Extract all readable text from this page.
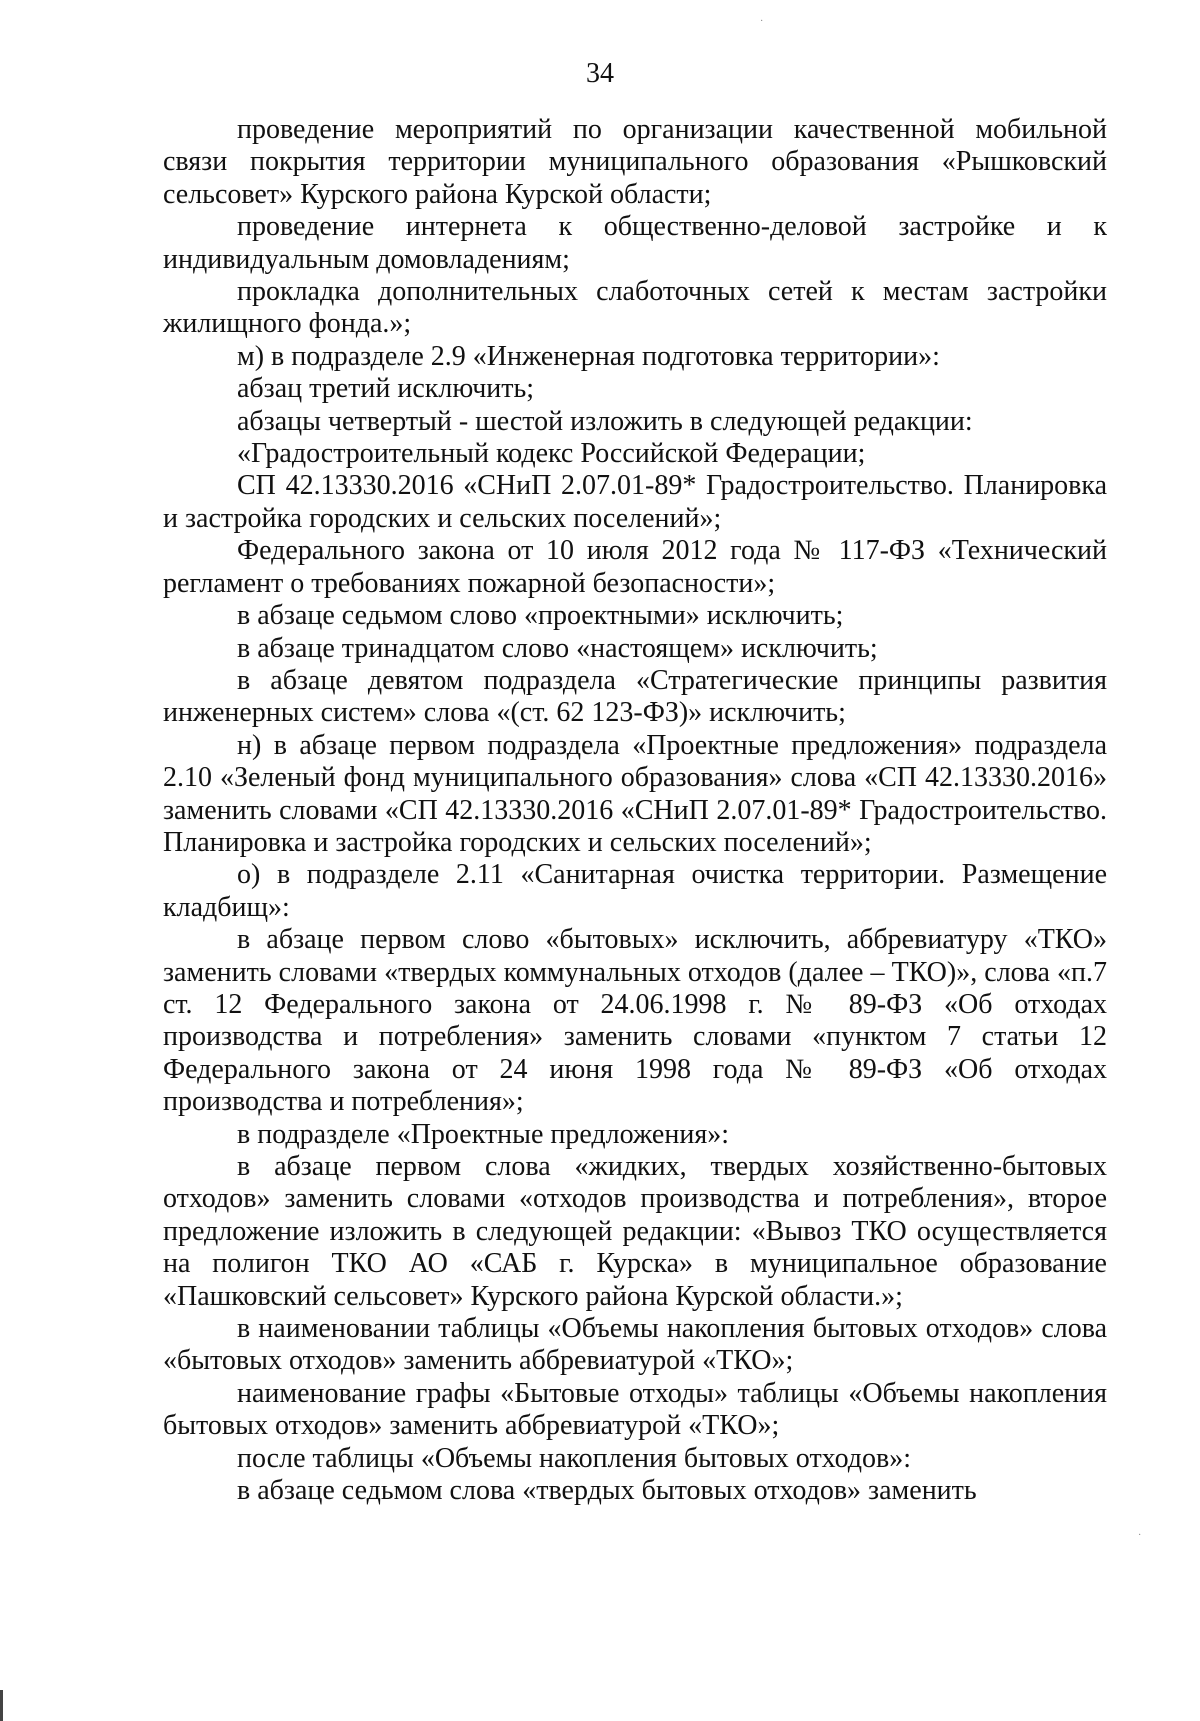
34

проведение мероприятий по организации качественной мобильной связи покрытия территории муниципального образования «Рышковский сельсовет» Курского района Курской области;

проведение интернета к общественно-деловой застройке и к индивидуальным домовладениям;

прокладка дополнительных слаботочных сетей к местам застройки жилищного фонда.»;

м) в подразделе 2.9 «Инженерная подготовка территории»:

абзац третий исключить;

абзацы четвертый - шестой изложить в следующей редакции:

«Градостроительный кодекс Российской Федерации;

СП 42.13330.2016 «СНиП 2.07.01-89* Градостроительство. Планировка и застройка городских и сельских поселений»;

Федерального закона от 10 июля 2012 года № 117-ФЗ «Технический регламент о требованиях пожарной безопасности»;

в абзаце седьмом слово «проектными» исключить;

в абзаце тринадцатом слово «настоящем» исключить;

в абзаце девятом подраздела «Стратегические принципы развития инженерных систем» слова «(ст. 62 123-ФЗ)» исключить;

н) в абзаце первом подраздела «Проектные предложения» подраздела 2.10 «Зеленый фонд муниципального образования» слова «СП 42.13330.2016» заменить словами «СП 42.13330.2016 «СНиП 2.07.01-89* Градостроительство. Планировка и застройка городских и сельских поселений»;

о) в подразделе 2.11 «Санитарная очистка территории. Размещение кладбищ»:

в абзаце первом слово «бытовых» исключить, аббревиатуру «ТКО» заменить словами «твердых коммунальных отходов (далее – ТКО)», слова «п.7 ст. 12 Федерального закона от 24.06.1998 г. № 89-ФЗ «Об отходах производства и потребления» заменить словами «пунктом 7 статьи 12 Федерального закона от 24 июня 1998 года № 89-ФЗ «Об отходах производства и потребления»;

в подразделе «Проектные предложения»:

в абзаце первом слова «жидких, твердых хозяйственно-бытовых отходов» заменить словами «отходов производства и потребления», второе предложение изложить в следующей редакции: «Вывоз ТКО осуществляется на полигон ТКО АО «САБ г. Курска» в муниципальное образование «Пашковский сельсовет» Курского района Курской области.»;

в наименовании таблицы «Объемы накопления бытовых отходов» слова «бытовых отходов» заменить аббревиатурой «ТКО»;

наименование графы «Бытовые отходы» таблицы «Объемы накопления бытовых отходов» заменить аббревиатурой «ТКО»;

после таблицы «Объемы накопления бытовых отходов»:

в абзаце седьмом слова «твердых бытовых отходов» заменить

·
·
